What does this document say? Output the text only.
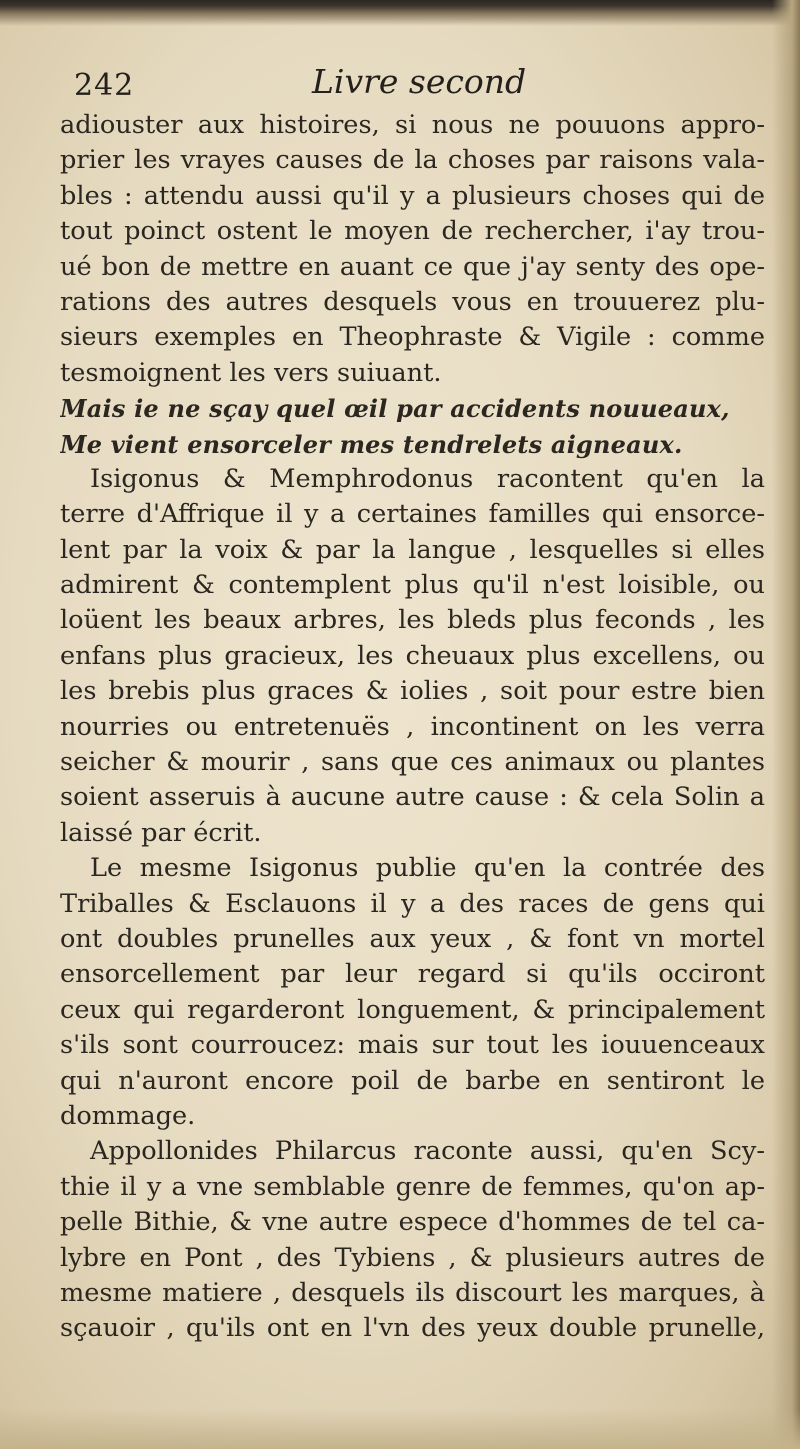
242	Livre second
adiouster aux histoires, si nous ne pouuons appro-
prier les vrayes causes de la choses par raisons vala-
bles : attendu aussi qu'il y a plusieurs choses qui de
tout poinct ostent le moyen de rechercher, i'ay trou-
ué bon de mettre en auant ce que j'ay senty des ope-
rations des autres desquels vous en trouuerez plu-
sieurs exemples en Theophraste & Vigile : comme
tesmoignent les vers suiuant.
Mais ie ne sçay quel œil par accidents nouueaux,
Me vient ensorceler mes tendrelets aigneaux.
Isigonus & Memphrodonus racontent qu'en la
terre d'Affrique il y a certaines familles qui ensorce-
lent par la voix & par la langue , lesquelles si elles
admirent & contemplent plus qu'il n'est loisible, ou
loüent les beaux arbres, les bleds plus feconds , les
enfans plus gracieux, les cheuaux plus excellens, ou
les brebis plus graces & iolies , soit pour estre bien
nourries ou entretenuës , incontinent on les verra
seicher & mourir , sans que ces animaux ou plantes
soient asseruis à aucune autre cause : & cela Solin a
laissé par écrit.
Le mesme Isigonus publie qu'en la contrée des
Triballes & Esclauons il y a des races de gens qui
ont doubles prunelles aux yeux , & font vn mortel
ensorcellement par leur regard si qu'ils occiront
ceux qui regarderont longuement, & principalement
s'ils sont courroucez: mais sur tout les iouuenceaux
qui n'auront encore poil de barbe en sentiront le
dommage.
Appollonides Philarcus raconte aussi, qu'en Scy-
thie il y a vne semblable genre de femmes, qu'on ap-
pelle Bithie, & vne autre espece d'hommes de tel ca-
lybre en Pont , des Tybiens , & plusieurs autres de
mesme matiere , desquels ils discourt les marques, à
sçauoir , qu'ils ont en l'vn des yeux double prunelle,
